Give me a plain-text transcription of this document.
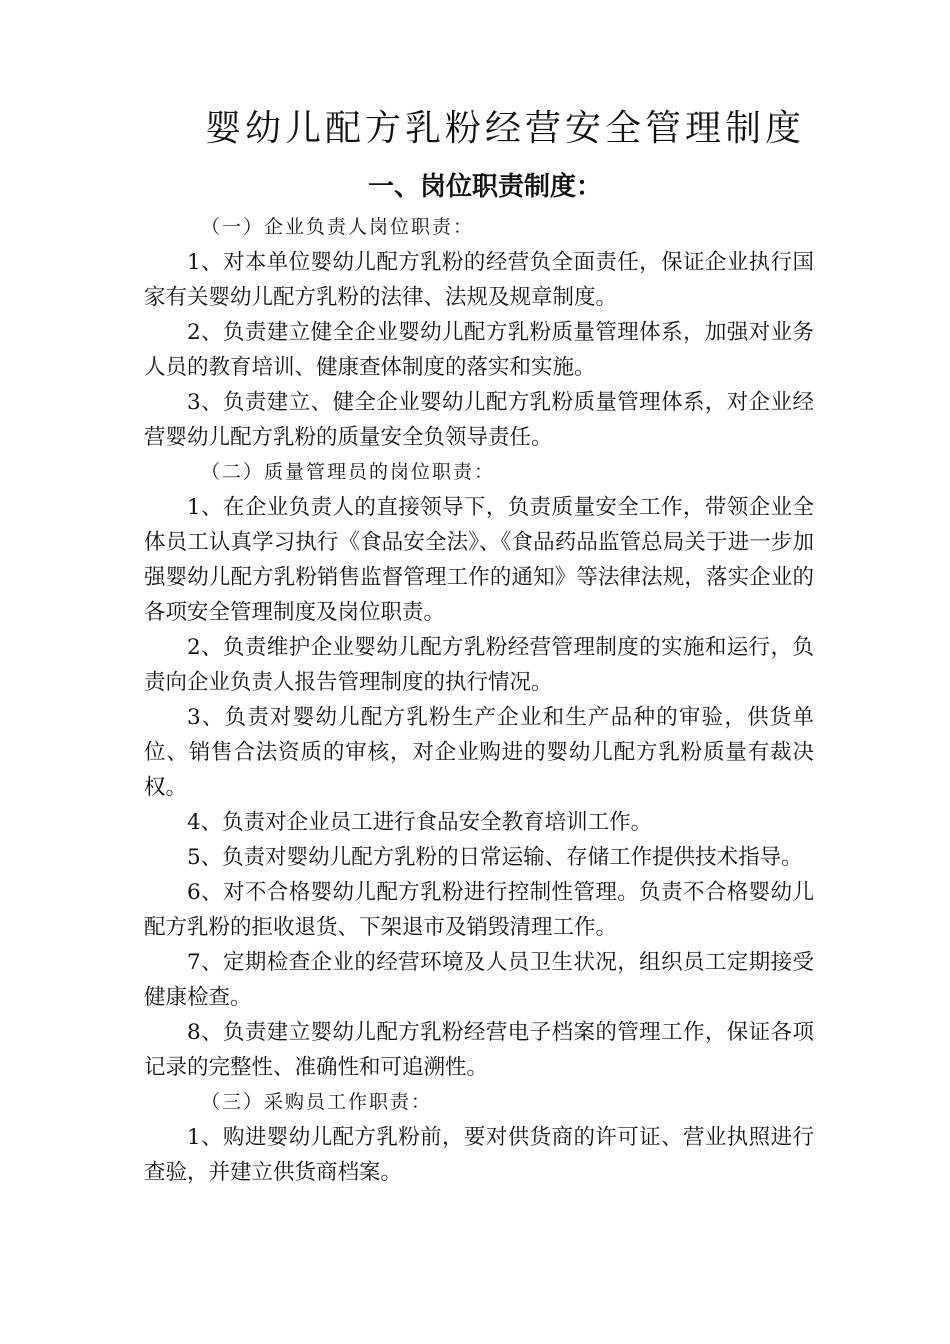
婴幼儿配方乳粉经营安全管理制度
一、岗位职责制度：

（一）企业负责人岗位职责：

1、对本单位婴幼儿配方乳粉的经营负全面责任，保证企业执行国家有关婴幼儿配方乳粉的法律、法规及规章制度。

2、负责建立健全企业婴幼儿配方乳粉质量管理体系，加强对业务人员的教育培训、健康查体制度的落实和实施。

3、负责建立、健全企业婴幼儿配方乳粉质量管理体系，对企业经营婴幼儿配方乳粉的质量安全负领导责任。

（二）质量管理员的岗位职责：

1、在企业负责人的直接领导下，负责质量安全工作，带领企业全体员工认真学习执行《食品安全法》、《食品药品监管总局关于进一步加强婴幼儿配方乳粉销售监督管理工作的通知》等法律法规，落实企业的各项安全管理制度及岗位职责。

2、负责维护企业婴幼儿配方乳粉经营管理制度的实施和运行，负责向企业负责人报告管理制度的执行情况。

3、负责对婴幼儿配方乳粉生产企业和生产品种的审验，供货单位、销售合法资质的审核，对企业购进的婴幼儿配方乳粉质量有裁决权。

4、负责对企业员工进行食品安全教育培训工作。

5、负责对婴幼儿配方乳粉的日常运输、存储工作提供技术指导。

6、对不合格婴幼儿配方乳粉进行控制性管理。负责不合格婴幼儿配方乳粉的拒收退货、下架退市及销毁清理工作。

7、定期检查企业的经营环境及人员卫生状况，组织员工定期接受健康检查。

8、负责建立婴幼儿配方乳粉经营电子档案的管理工作，保证各项记录的完整性、准确性和可追溯性。

（三）采购员工作职责：

1、购进婴幼儿配方乳粉前，要对供货商的许可证、营业执照进行查验，并建立供货商档案。
